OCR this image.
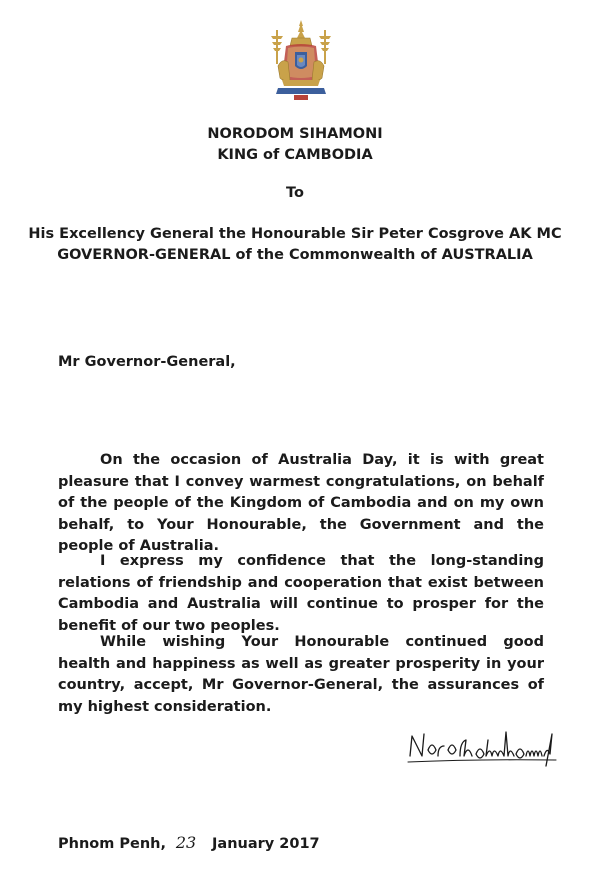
NORODOM SIHAMONI
KING of CAMBODIA
To
His Excellency General the Honourable Sir Peter Cosgrove AK MC
GOVERNOR-GENERAL of the Commonwealth of AUSTRALIA
Mr Governor-General,

On the occasion of Australia Day, it is with great pleasure that I convey warmest congratulations, on behalf of the people of the Kingdom of Cambodia and on my own behalf, to Your Honourable, the Government and the people of Australia.

I express my confidence that the long-standing relations of friendship and cooperation that exist between Cambodia and Australia will continue to prosper for the benefit of our two peoples.

While wishing Your Honourable continued good health and happiness as well as greater prosperity in your country, accept, Mr Governor-General, the assurances of my highest consideration.

Phnom Penh, 23 January 2017
